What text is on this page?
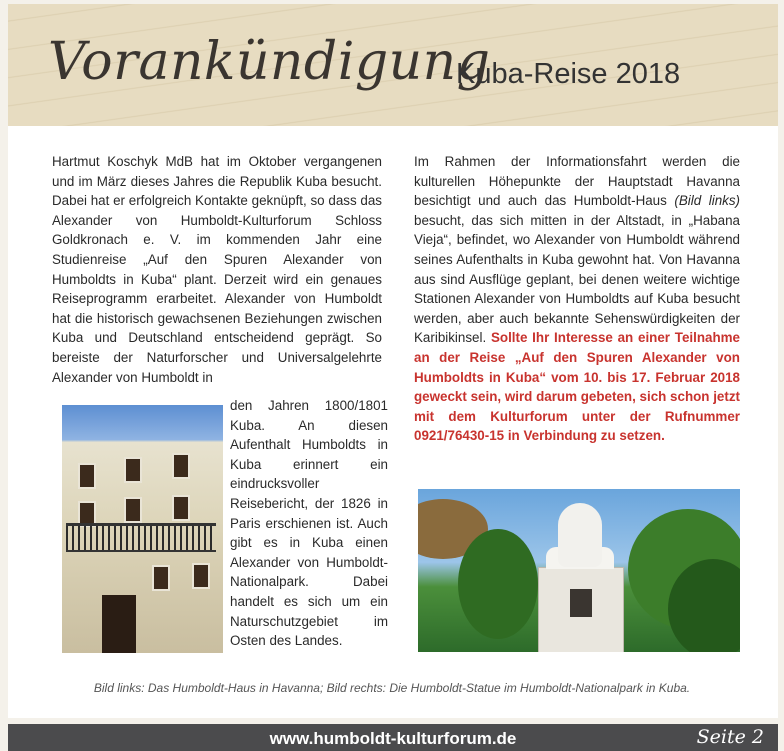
Vorankündigung
Kuba-Reise 2018

Hartmut Koschyk MdB hat im Oktober vergangenen und im März dieses Jahres die Republik Kuba besucht. Dabei hat er erfolgreich Kontakte geknüpft, so dass das Alexander von Humboldt-Kulturforum Schloss Goldkronach e. V. im kommenden Jahr eine Studienreise „Auf den Spuren Alexander von Humboldts in Kuba“ plant. Derzeit wird ein genaues Reiseprogramm erarbeitet. Alexander von Humboldt hat die historisch gewachsenen Beziehungen zwischen Kuba und Deutschland entscheidend geprägt. So bereiste der Naturforscher und Universalgelehrte Alexander von Humboldt in

den Jahren 1800/1801 Kuba. An diesen Aufenthalt Humboldts in Kuba erinnert ein eindrucksvoller Reisebericht, der 1826 in Paris erschienen ist. Auch gibt es in Kuba einen Alexander von Humboldt-Nationalpark. Dabei handelt es sich um ein Naturschutzgebiet im Osten des Landes.

Im Rahmen der Informationsfahrt werden die kulturellen Höhepunkte der Hauptstadt Havanna besichtigt und auch das Humboldt-Haus (Bild links) besucht, das sich mitten in der Altstadt, in „Habana Vieja“, befindet, wo Alexander von Humboldt während seines Aufenthalts in Kuba gewohnt hat. Von Havanna aus sind Ausflüge geplant, bei denen weitere wichtige Stationen Alexander von Humboldts auf Kuba besucht werden, aber auch bekannte Sehenswürdigkeiten der Karibikinsel. Sollte Ihr Interesse an einer Teilnahme an der Reise „Auf den Spuren Alexander von Humboldts in Kuba“ vom 10. bis 17. Februar 2018 geweckt sein, wird darum gebeten, sich schon jetzt mit dem Kulturforum unter der Rufnummer 0921/76430-15 in Verbindung zu setzen.

Bild links: Das Humboldt-Haus in Havanna; Bild rechts: Die Humboldt-Statue im Humboldt-Nationalpark in Kuba.
www.humboldt-kulturforum.de	Seite 2
